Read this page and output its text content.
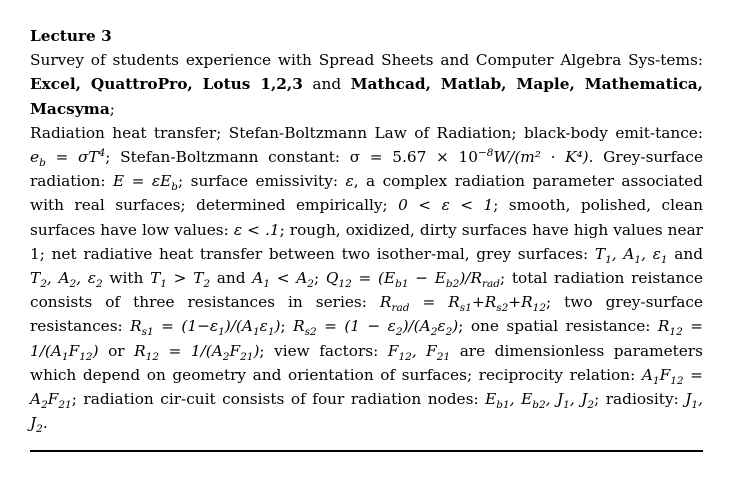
Lecture 3

Survey of students experience with Spread Sheets and Computer Algebra Sys-tems: Excel, QuattroPro, Lotus 1,2,3 and Mathcad, Matlab, Maple, Mathematica, Macsyma;

Radiation heat transfer; Stefan-Boltzmann Law of Radiation; black-body emit-tance: $e_b = \sigma T^4$; Stefan-Boltzmann constant: $\sigma = 5.67 \times 10^{-8}W/(m^2 \cdot K^4)$. Grey-surface radiation: $E = \varepsilon E_b$; surface emissivity: ε, a complex radiation parameter associated with real surfaces; determined empirically; 0 < ε < 1; smooth, polished, clean surfaces have low values: ε < .1; rough, oxidized, dirty surfaces have high values near 1; net radiative heat transfer between two isother-mal, grey surfaces: $T_1$, $A_1$, $\varepsilon_1$ and $T_2$, $A_2$, $\varepsilon_2$ with $T_1 > T_2$ and $A_1 < A_2$; $Q_{12} = (E_{b1} - E_{b2})/R_{rad}$; total radiation reistance consists of three resistances in series: $R_{rad} = R_{s1}+R_{s2}+R_{12}$; two grey-surface resistances: $R_{s1} = (1-\varepsilon_1)/(A_1\varepsilon_1)$; $R_{s2} = (1 - \varepsilon_2)/(A_2\varepsilon_2)$; one spatial resistance: $R_{12} = 1/(A_1F_{12})$ or $R_{12} = 1/(A_2F_{21})$; view factors: $F_{12}$, $F_{21}$ are dimensionless parameters which depend on geometry and orientation of surfaces; reciprocity relation: $A_1F_{12} = A_2F_{21}$; radiation cir-cuit consists of four radiation nodes: $E_{b1}$, $E_{b2}$, $J_1$, $J_2$; radiosity: $J_1$, $J_2$.
